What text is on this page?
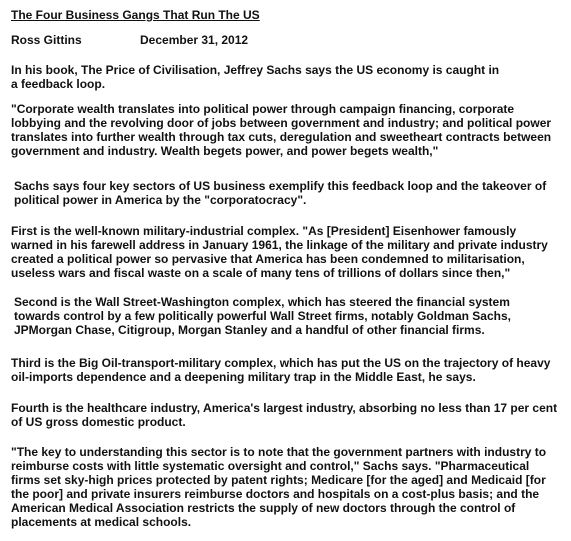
The Four Business Gangs That Run The US
Ross Gittins	December 31, 2012

In his book, The Price of Civilisation, Jeffrey Sachs says the US economy is caught in
a feedback loop.

"Corporate wealth translates into political power through campaign financing, corporate
lobbying and the revolving door of jobs between government and industry; and political power
translates into further wealth through tax cuts, deregulation and sweetheart contracts between
government and industry. Wealth begets power, and power begets wealth,"

Sachs says four key sectors of US business exemplify this feedback loop and the takeover of
political power in America by the "corporatocracy".

First is the well-known military-industrial complex. "As [President] Eisenhower famously
warned in his farewell address in January 1961, the linkage of the military and private industry
created a political power so pervasive that America has been condemned to militarisation,
useless wars and fiscal waste on a scale of many tens of trillions of dollars since then,"

Second is the Wall Street-Washington complex, which has steered the financial system
towards control by a few politically powerful Wall Street firms, notably Goldman Sachs,
JPMorgan Chase, Citigroup, Morgan Stanley and a handful of other financial firms.

Third is the Big Oil-transport-military complex, which has put the US on the trajectory of heavy
oil-imports dependence and a deepening military trap in the Middle East, he says.

Fourth is the healthcare industry, America's largest industry, absorbing no less than 17 per cent
of US gross domestic product.

"The key to understanding this sector is to note that the government partners with industry to
reimburse costs with little systematic oversight and control," Sachs says. "Pharmaceutical
firms set sky-high prices protected by patent rights; Medicare [for the aged] and Medicaid [for
the poor] and private insurers reimburse doctors and hospitals on a cost-plus basis; and the
American Medical Association restricts the supply of new doctors through the control of
placements at medical schools.
